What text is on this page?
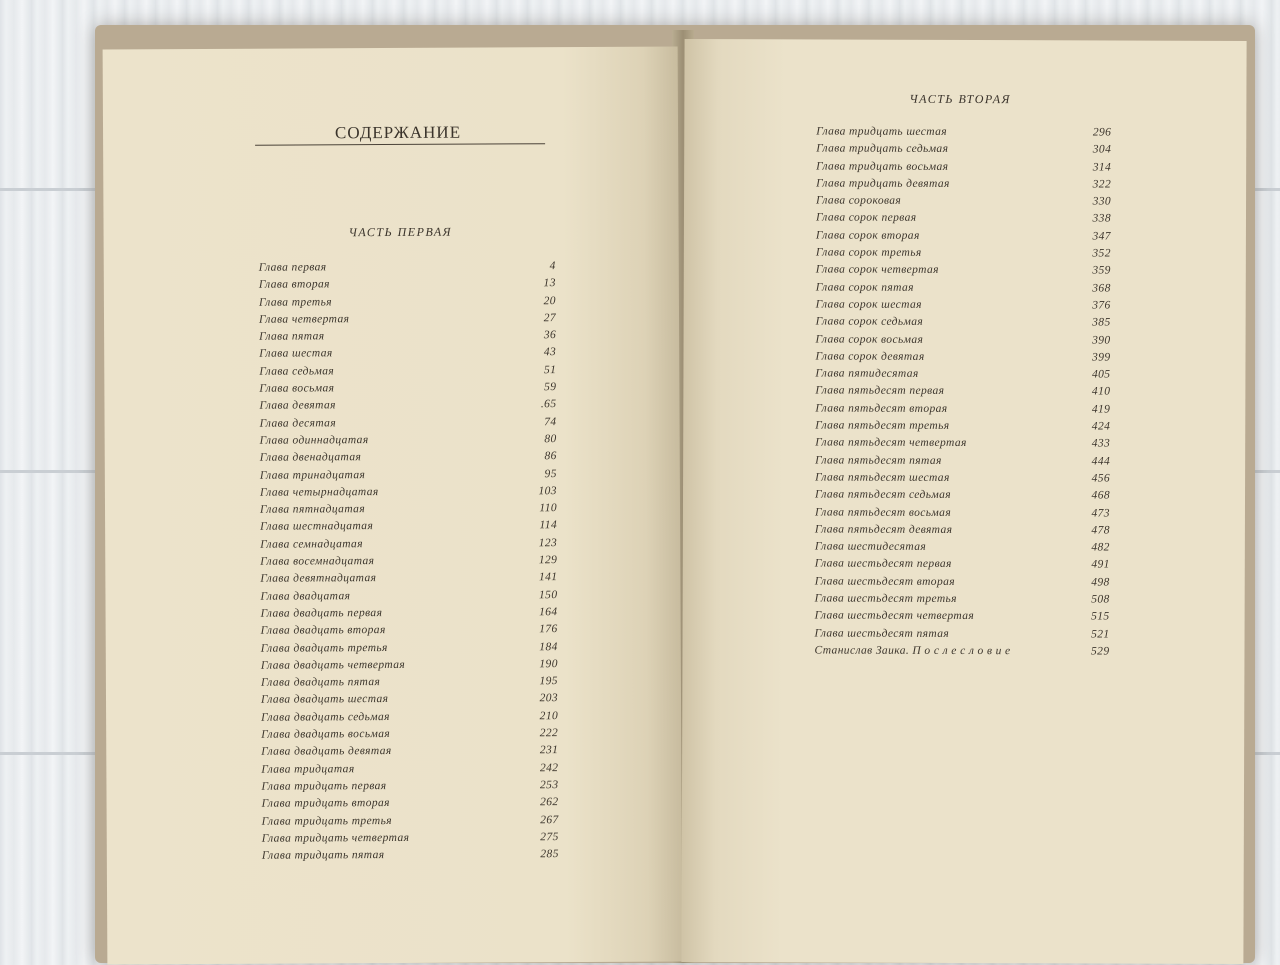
СОДЕРЖАНИЕ
ЧАСТЬ ПЕРВАЯ
Глава первая	4
Глава вторая	13
Глава третья	20
Глава четвертая	27
Глава пятая	36
Глава шестая	43
Глава седьмая	51
Глава восьмая	59
Глава девятая	.65
Глава десятая	74
Глава одиннадцатая	80
Глава двенадцатая	86
Глава тринадцатая	95
Глава четырнадцатая	103
Глава пятнадцатая	110
Глава шестнадцатая	114
Глава семнадцатая	123
Глава восемнадцатая	129
Глава девятнадцатая	141
Глава двадцатая	150
Глава двадцать первая	164
Глава двадцать вторая	176
Глава двадцать третья	184
Глава двадцать четвертая	190
Глава двадцать пятая	195
Глава двадцать шестая	203
Глава двадцать седьмая	210
Глава двадцать восьмая	222
Глава двадцать девятая	231
Глава тридцатая	242
Глава тридцать первая	253
Глава тридцать вторая	262
Глава тридцать третья	267
Глава тридцать четвертая	275
Глава тридцать пятая	285
ЧАСТЬ ВТОРАЯ
Глава тридцать шестая	296
Глава тридцать седьмая	304
Глава тридцать восьмая	314
Глава тридцать девятая	322
Глава сороковая	330
Глава сорок первая	338
Глава сорок вторая	347
Глава сорок третья	352
Глава сорок четвертая	359
Глава сорок пятая	368
Глава сорок шестая	376
Глава сорок седьмая	385
Глава сорок восьмая	390
Глава сорок девятая	399
Глава пятидесятая	405
Глава пятьдесят первая	410
Глава пятьдесят вторая	419
Глава пятьдесят третья	424
Глава пятьдесят четвертая	433
Глава пятьдесят пятая	444
Глава пятьдесят шестая	456
Глава пятьдесят седьмая	468
Глава пятьдесят восьмая	473
Глава пятьдесят девятая	478
Глава шестидесятая	482
Глава шестьдесят первая	491
Глава шестьдесят вторая	498
Глава шестьдесят третья	508
Глава шестьдесят четвертая	515
Глава шестьдесят пятая	521
Станислав Заика. П о с л е с л о в и е	529
